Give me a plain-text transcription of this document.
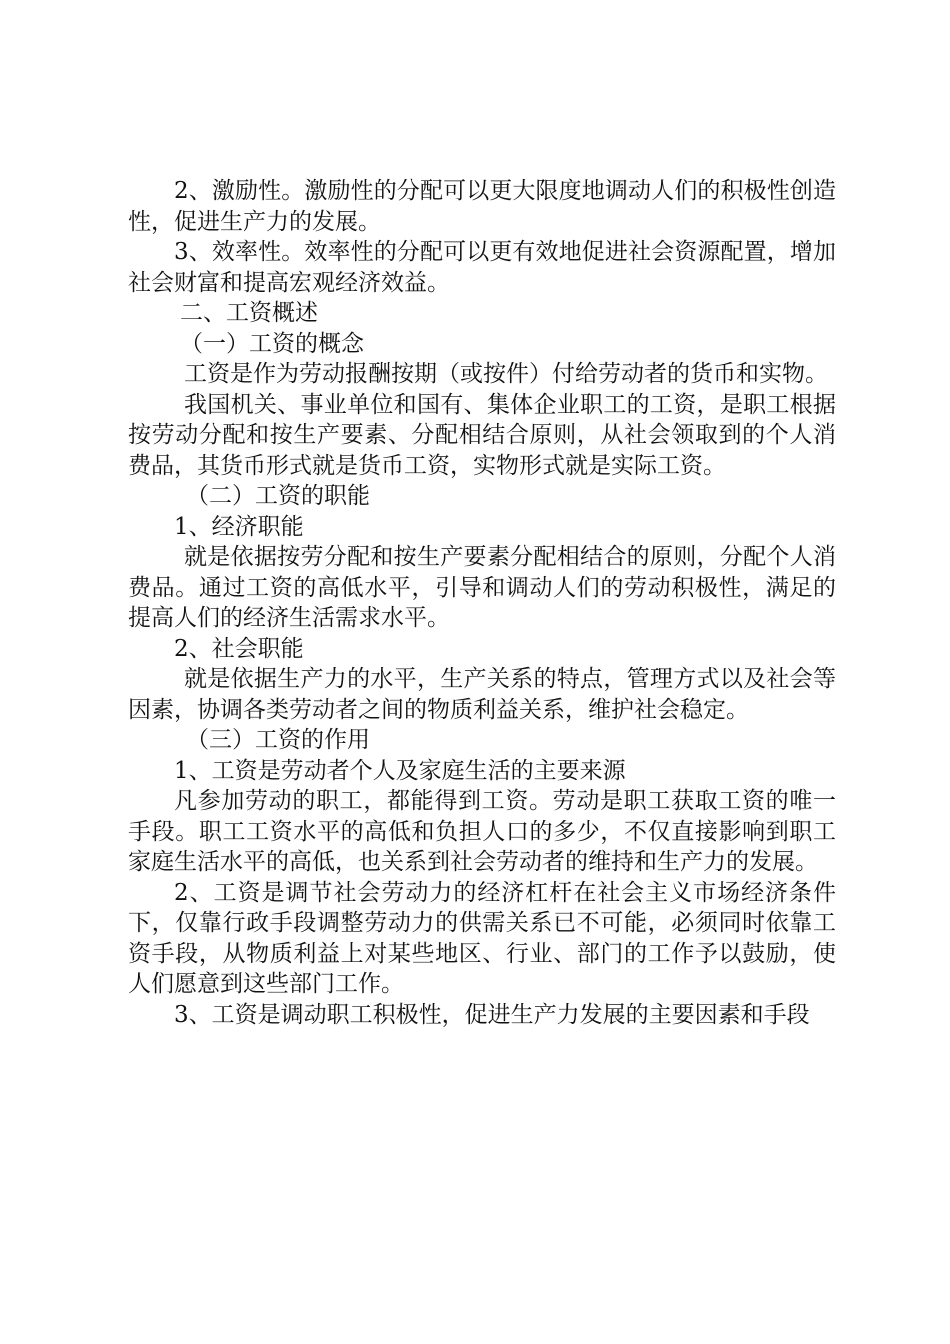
2、激励性。激励性的分配可以更大限度地调动人们的积极性创造性，促进生产力的发展。

3、效率性。效率性的分配可以更有效地促进社会资源配置，增加社会财富和提高宏观经济效益。

二、工资概述

（一）工资的概念

工资是作为劳动报酬按期（或按件）付给劳动者的货币和实物。

我国机关、事业单位和国有、集体企业职工的工资，是职工根据按劳动分配和按生产要素、分配相结合原则，从社会领取到的个人消费品，其货币形式就是货币工资，实物形式就是实际工资。

（二）工资的职能

1、经济职能

就是依据按劳分配和按生产要素分配相结合的原则，分配个人消费品。通过工资的高低水平，引导和调动人们的劳动积极性，满足的提高人们的经济生活需求水平。

2、社会职能

就是依据生产力的水平，生产关系的特点，管理方式以及社会等因素，协调各类劳动者之间的物质利益关系，维护社会稳定。

（三）工资的作用

1、工资是劳动者个人及家庭生活的主要来源

凡参加劳动的职工，都能得到工资。劳动是职工获取工资的唯一手段。职工工资水平的高低和负担人口的多少，不仅直接影响到职工家庭生活水平的高低，也关系到社会劳动者的维持和生产力的发展。

2、工资是调节社会劳动力的经济杠杆在社会主义市场经济条件下，仅靠行政手段调整劳动力的供需关系已不可能，必须同时依靠工资手段，从物质利益上对某些地区、行业、部门的工作予以鼓励，使人们愿意到这些部门工作。

3、工资是调动职工积极性，促进生产力发展的主要因素和手段
